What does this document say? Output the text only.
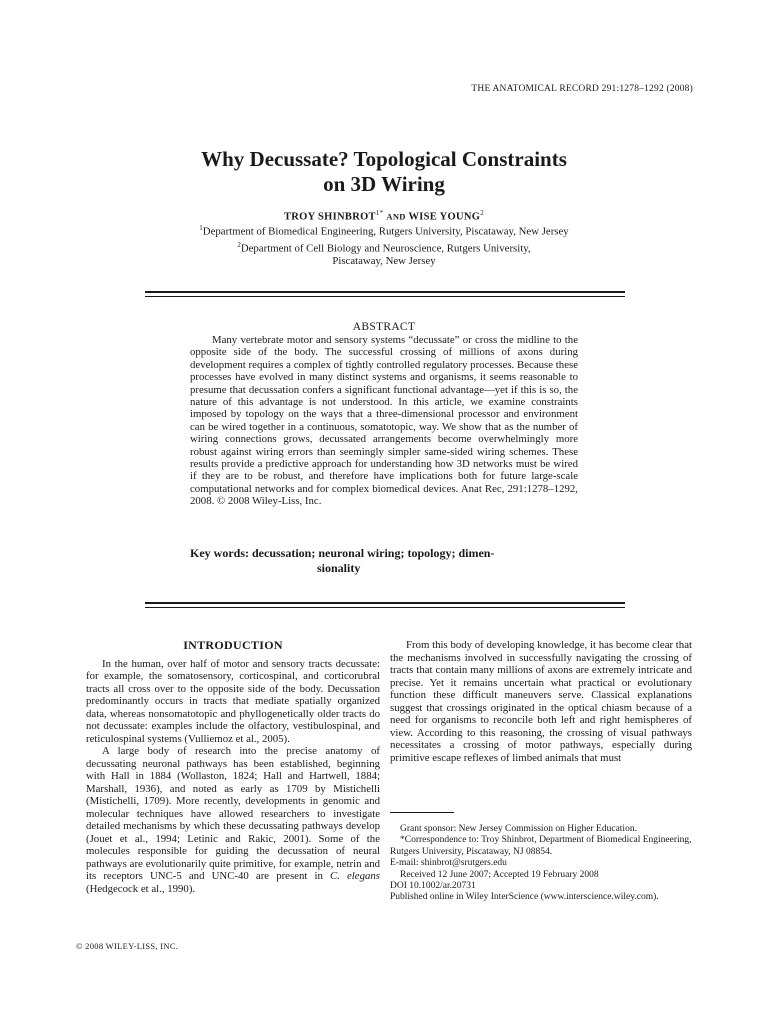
THE ANATOMICAL RECORD 291:1278–1292 (2008)
Why Decussate? Topological Constraints
on 3D Wiring
TROY $SHINBROT^{1*}$ AND WISE YOUNG$^2$
$^1$Department of Biomedical Engineering, Rutgers University, Piscataway, New Jersey
$^2$Department of Cell Biology and Neuroscience, Rutgers University,
Piscataway, New Jersey
ABSTRACT
Many vertebrate motor and sensory systems “decussate” or cross the midline to the opposite side of the body. The successful crossing of millions of axons during development requires a complex of tightly controlled regulatory processes. Because these processes have evolved in many distinct systems and organisms, it seems reasonable to presume that decussation confers a significant functional advantage—yet if this is so, the nature of this advantage is not understood. In this article, we examine constraints imposed by topology on the ways that a three-dimensional processor and environment can be wired together in a continuous, somatotopic, way. We show that as the number of wiring connections grows, decussated arrangements become overwhelmingly more robust against wiring errors than seemingly simpler same-sided wiring schemes. These results provide a predictive approach for understanding how 3D networks must be wired if they are to be robust, and therefore have implications both for future large-scale computational networks and for complex biomedical devices. Anat Rec, 291:1278–1292, 2008. © 2008 Wiley-Liss, Inc.
Key words: decussation; neuronal wiring; topology; dimen-
sionality
INTRODUCTION

In the human, over half of motor and sensory tracts decussate: for example, the somatosensory, corticospinal, and corticorubral tracts all cross over to the opposite side of the body. Decussation predominantly occurs in tracts that mediate spatially organized data, whereas nonsomatotopic and phyllogenetically older tracts do not decussate: examples include the olfactory, vestibulospinal, and reticulospinal systems (Vulliemoz et al., 2005).

A large body of research into the precise anatomy of decussating neuronal pathways has been established, beginning with Hall in 1884 (Wollaston, 1824; Hall and Hartwell, 1884; Marshall, 1936), and noted as early as 1709 by Mistichelli (Mistichelli, 1709). More recently, developments in genomic and molecular techniques have allowed researchers to investigate detailed mechanisms by which these decussating pathways develop (Jouet et al., 1994; Letinic and Rakic, 2001). Some of the molecules responsible for guiding the decussation of neural pathways are evolutionarily quite primitive, for example, netrin and its receptors UNC-5 and UNC-40 are present in C. elegans (Hedgecock et al., 1990).

From this body of developing knowledge, it has become clear that the mechanisms involved in successfully navigating the crossing of tracts that contain many millions of axons are extremely intricate and precise. Yet it remains uncertain what practical or evolutionary function these difficult maneuvers serve. Classical explanations suggest that crossings originated in the optical chiasm because of a need for organisms to reconcile both left and right hemispheres of view. According to this reasoning, the crossing of visual pathways necessitates a crossing of motor pathways, especially during primitive escape reflexes of limbed animals that must

Grant sponsor: New Jersey Commission on Higher Education.

*Correspondence to: Troy Shinbrot, Department of Biomedical Engineering, Rutgers University, Piscataway, NJ 08854.

E-mail: shinbrot@srutgers.edu

Received 12 June 2007; Accepted 19 February 2008

DOI 10.1002/ar.20731

Published online in Wiley InterScience (www.interscience.wiley.com).

© 2008 WILEY-LISS, INC.
